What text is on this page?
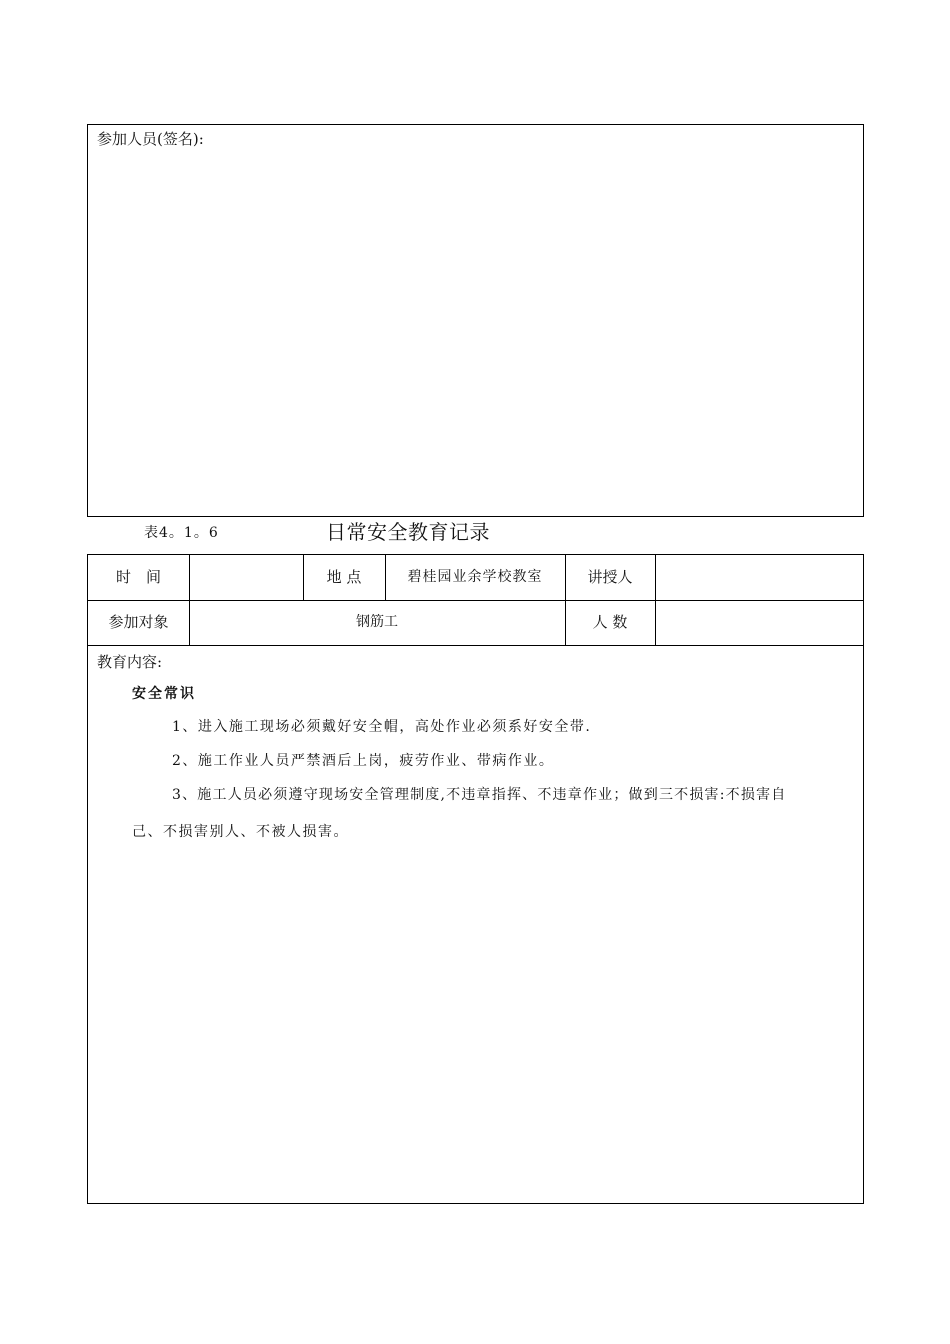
参加人员(签名):
表4。1。6	日常安全教育记录
时　间	地 点	碧桂园业余学校教室	讲授人
参加对象	钢筋工	人 数
教育内容:
安全常识
1、进入施工现场必须戴好安全帽，高处作业必须系好安全带.
2、施工作业人员严禁酒后上岗，疲劳作业、带病作业。
3、施工人员必须遵守现场安全管理制度,不违章指挥、不违章作业；做到三不损害:不损害自
己、不损害别人、不被人损害。
